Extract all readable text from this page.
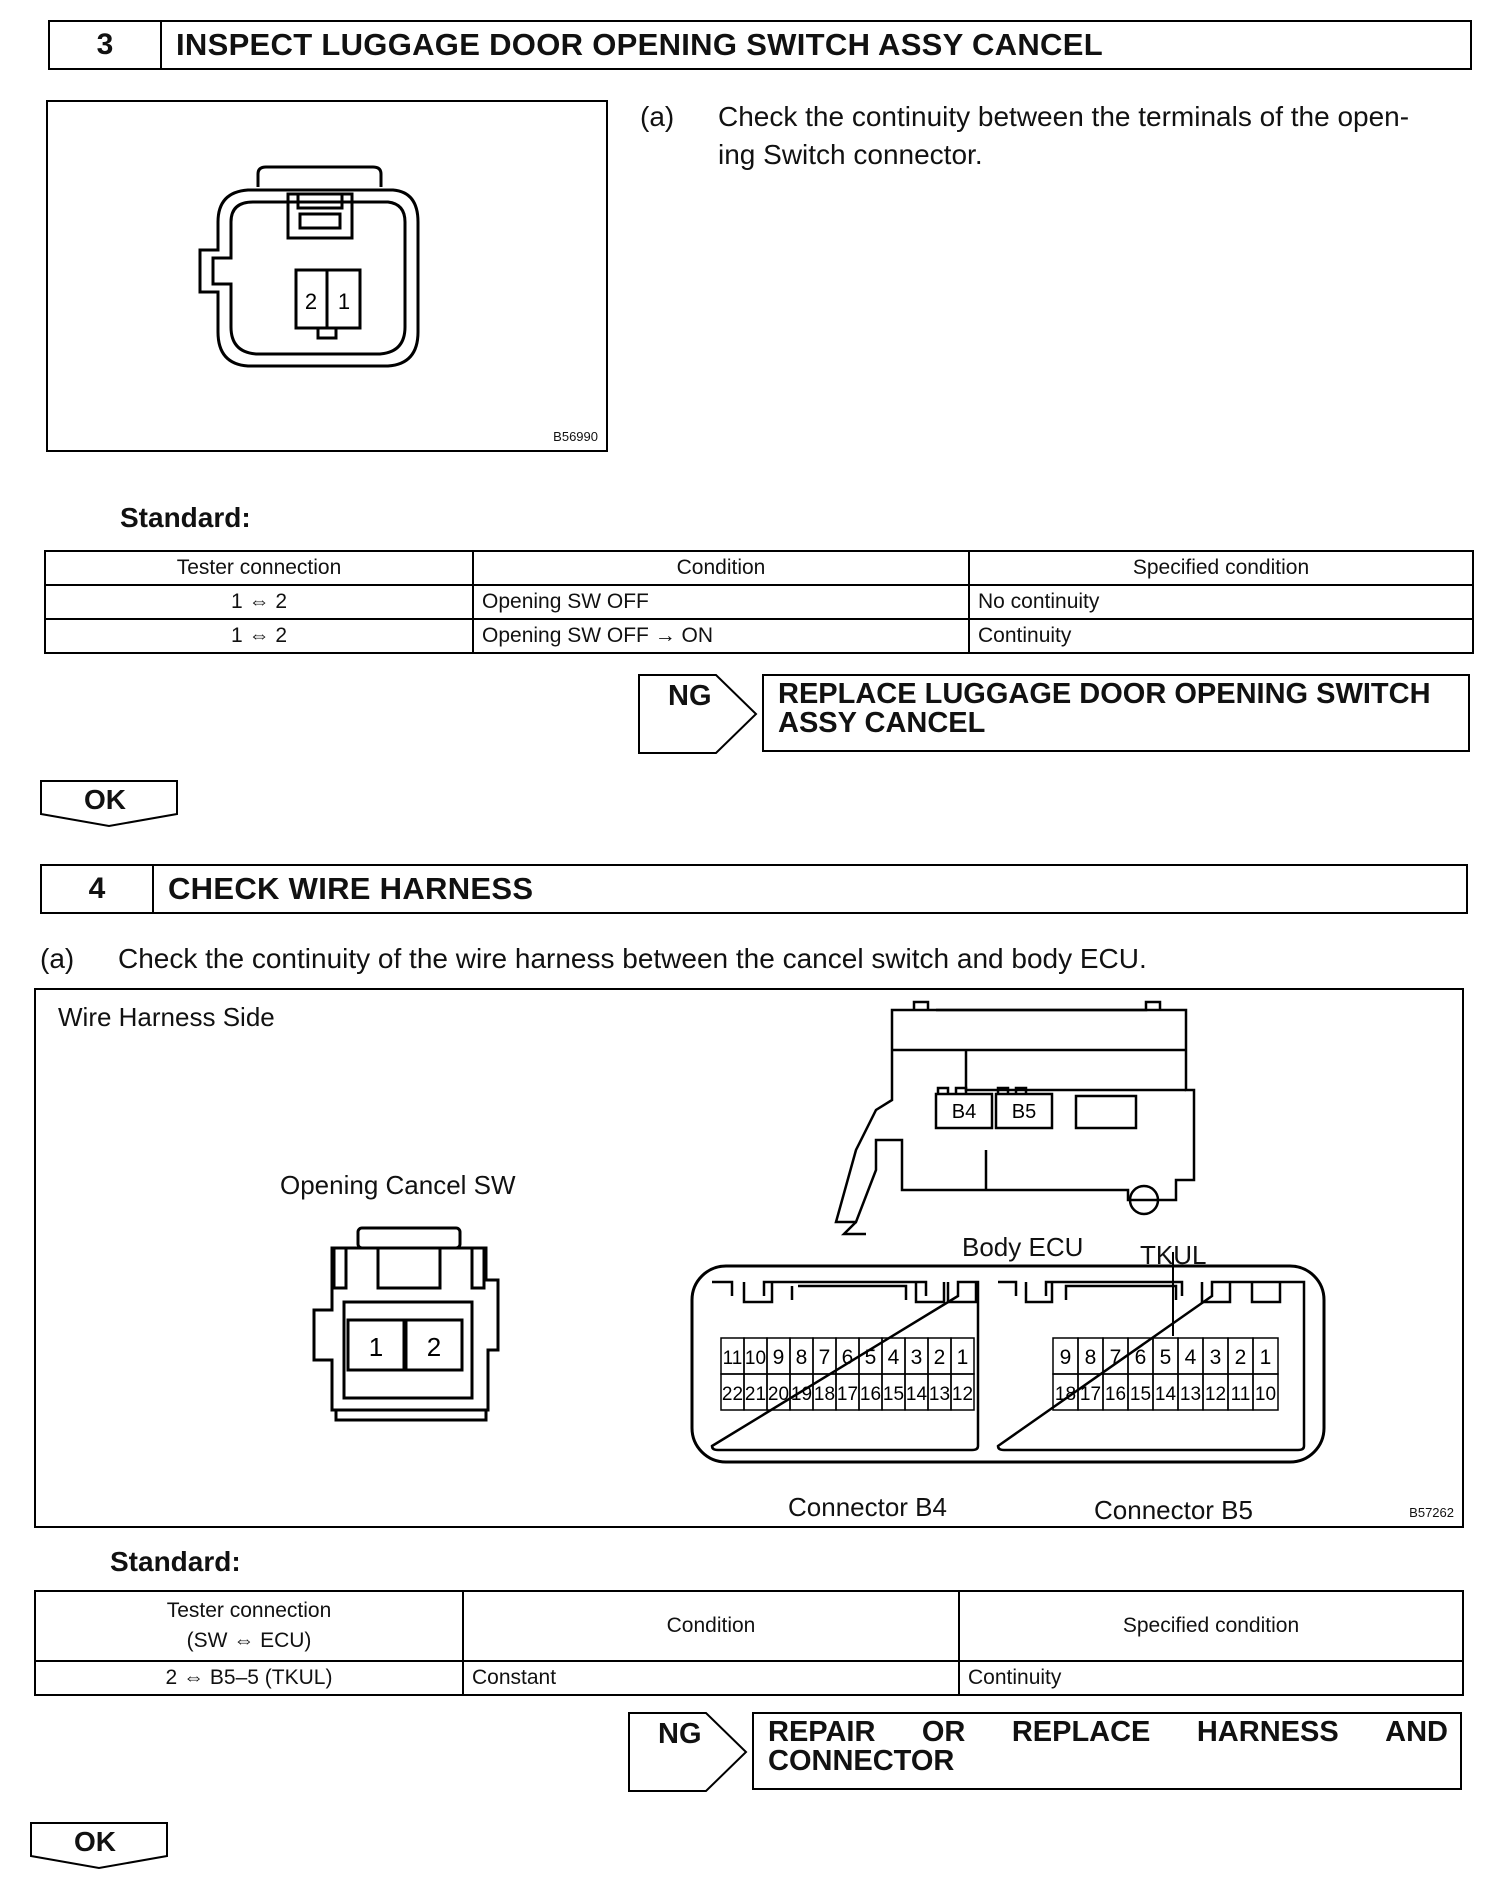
3	INSPECT LUGGAGE DOOR OPENING SWITCH ASSY CANCEL
2 1
B56990
(a) Check the continuity between the terminals of the open-
ing Switch connector.
Standard:
Tester connection	Condition	Specified condition
1 ⇔ 2	Opening SW OFF	No continuity
1 ⇔ 2	Opening SW OFF → ON	Continuity
NG REPLACE LUGGAGE DOOR OPENING SWITCH
ASSY CANCEL
OK
4	CHECK WIRE HARNESS
(a) Check the continuity of the wire harness between the cancel switch and body ECU.
Wire Harness Side
Opening Cancel SW
Body ECU TKUL
Connector B4	Connector B5	B57262
B4 B5
11 10 9 8 7 6 5 4 3 2 1
22 21 20 19 18 17 16 15 14 13 12
9 8 7 6 5 4 3 2 1
18 17 16 15 14 13 12 11 10
1 2
Standard:
Tester connection
(SW ⇔ ECU)	Condition	Specified condition
2 ⇔ B5–5 (TKUL)	Constant	Continuity
NG REPAIR OR REPLACE HARNESS AND
CONNECTOR
OK
